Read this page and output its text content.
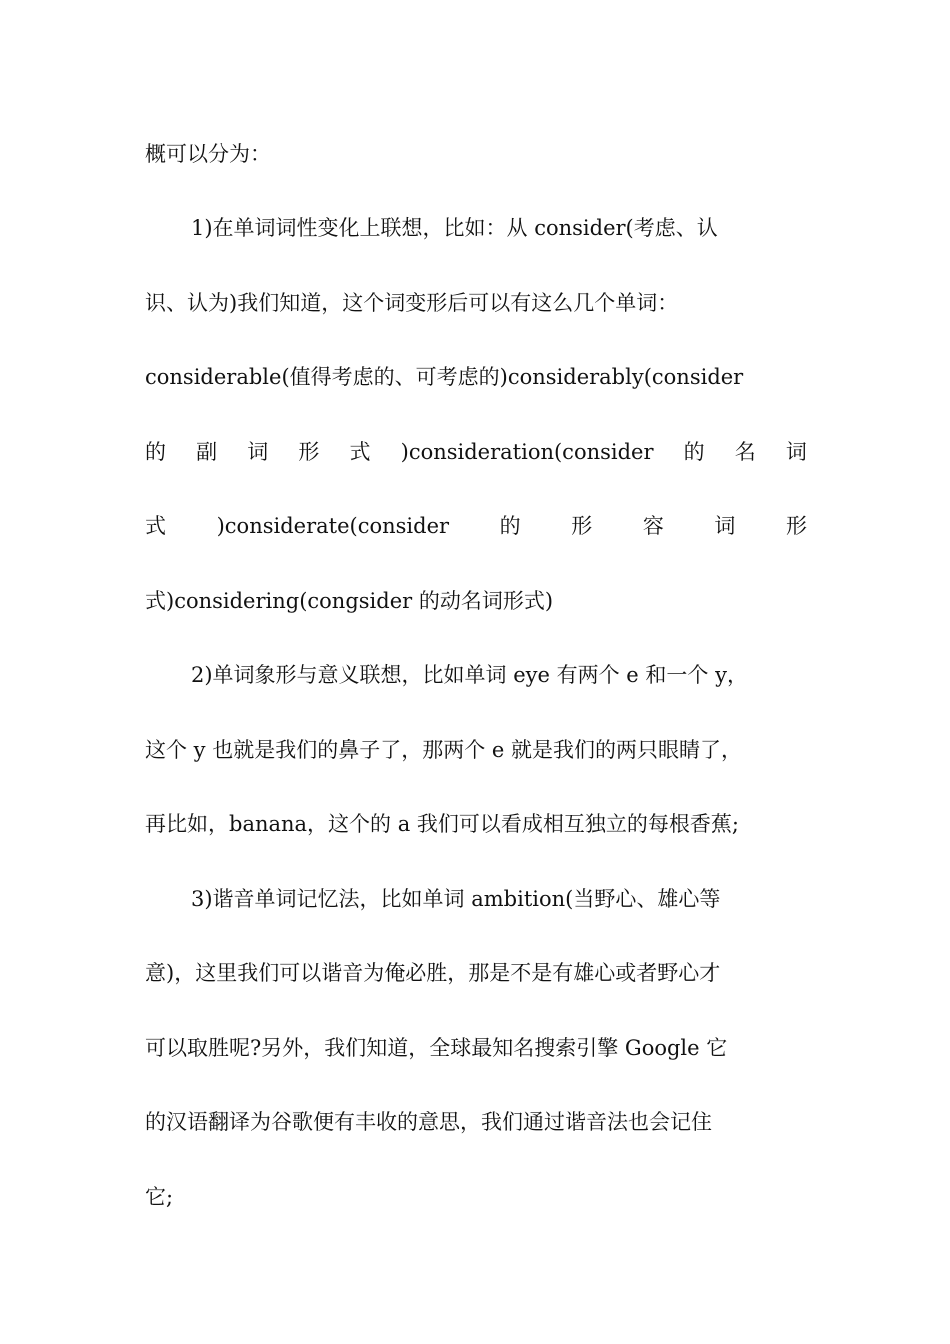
概可以分为：
1)在单词词性变化上联想，比如：从 consider(考虑、认
识、认为)我们知道，这个词变形后可以有这么几个单词：
considerable(值得考虑的、可考虑的)considerably(consider
的 副 词 形 式 )consideration(consider 的 名 词
式 )considerate(consider 的 形 容 词 形
式)considering(congsider 的动名词形式)
2)单词象形与意义联想，比如单词 eye 有两个 e 和一个 y，
这个 y 也就是我们的鼻子了，那两个 e 就是我们的两只眼睛了，
再比如，banana，这个的 a 我们可以看成相互独立的每根香蕉;
3)谐音单词记忆法，比如单词 ambition(当野心、雄心等
意)，这里我们可以谐音为俺必胜，那是不是有雄心或者野心才
可以取胜呢?另外，我们知道，全球最知名搜索引擎 Google 它
的汉语翻译为谷歌便有丰收的意思，我们通过谐音法也会记住
它;
